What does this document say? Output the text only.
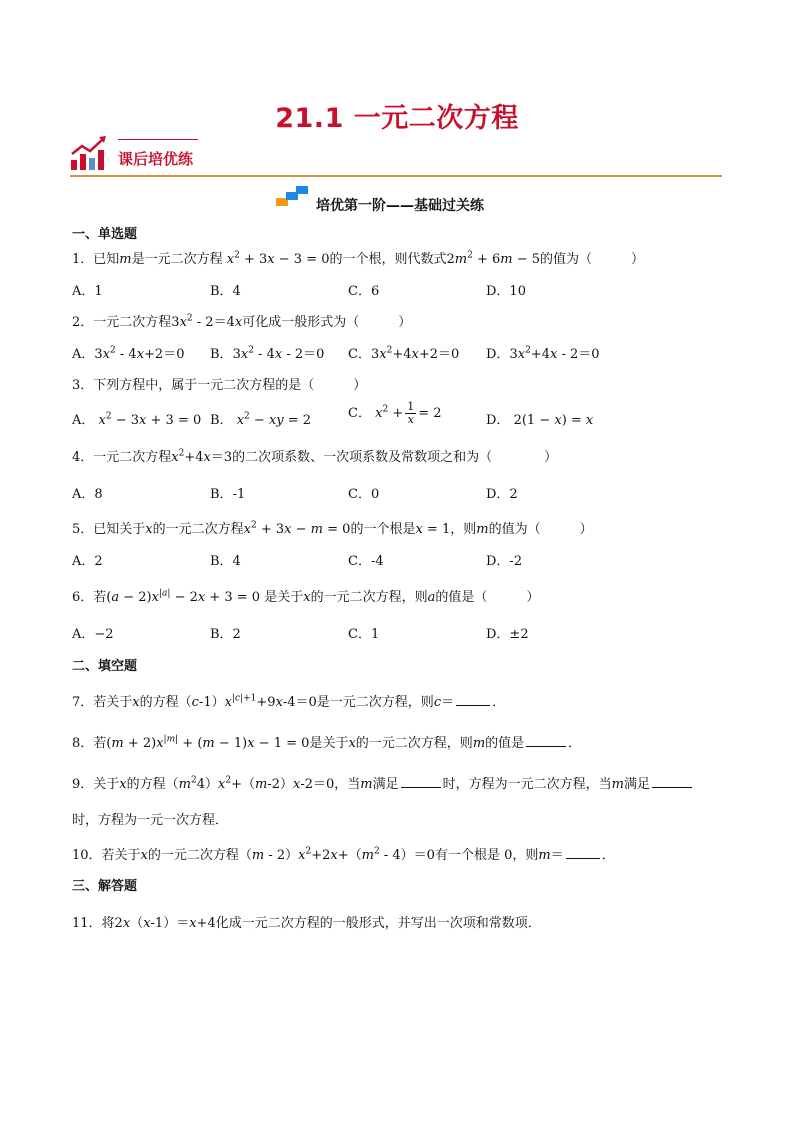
21.1 一元二次方程
课后培优练
培优第一阶——基础过关练
一、单选题
1．已知m是一元二次方程 $x^2 + 3x - 3 = 0$的一个根，则代数式$2m^2 + 6m - 5$的值为（　　　）
A．1	B．4	C．6	D．10
2．一元二次方程$3x^2 - 2=4x$可化成一般形式为（　　　）
A．$3x^2 - 4x+2=0$ B．$3x^2 - 4x - 2=0$ C．$3x^2+4x+2=0$ D．$3x^2+4x - 2=0$
3．下列方程中，属于一元二次方程的是（　　　）
A． $x^2 - 3x + 3 = 0$ B． $x^2$ − xy = 2	C． $x^2 + \frac{1}{x} = 2$	D． 2(1 − x) = x
4．一元二次方程$x^2+4x=3$的二次项系数、一次项系数及常数项之和为（　　　　）
A．8	B．-1	C．0	D．2
5．已知关于x的一元二次方程$x^2 + 3x - m = 0$的一个根是x = 1，则m的值为（　　　）
A．2	B．4	C．-4	D．-2
6．若$(a - 2)x^{|a|} - 2x + 3 = 0$ 是关于x的一元二次方程，则a的值是（　　　）
A．−2	B．2	C．1	D．±2
二、填空题
7．若关于x的方程$(c-1)x^{|c|+1}+9x-4=0$是一元二次方程，则c＝	．
8．若$(m + 2)x^{|m|} + (m - 1)x - 1 = 0$是关于x的一元二次方程，则m的值是	．
9．关于x的方程$(m^24)x^2+(m-2)x-2=0$，当m满足	时，方程为一元二次方程，当m满足
时，方程为一元一次方程．
10．若关于x的一元二次方程$(m - 2)x^2+2x+(m^2 - 4)=0$有一个根是 0，则m＝	．
三、解答题
11．将2x（x-1）＝x+4化成一元二次方程的一般形式，并写出一次项和常数项．
